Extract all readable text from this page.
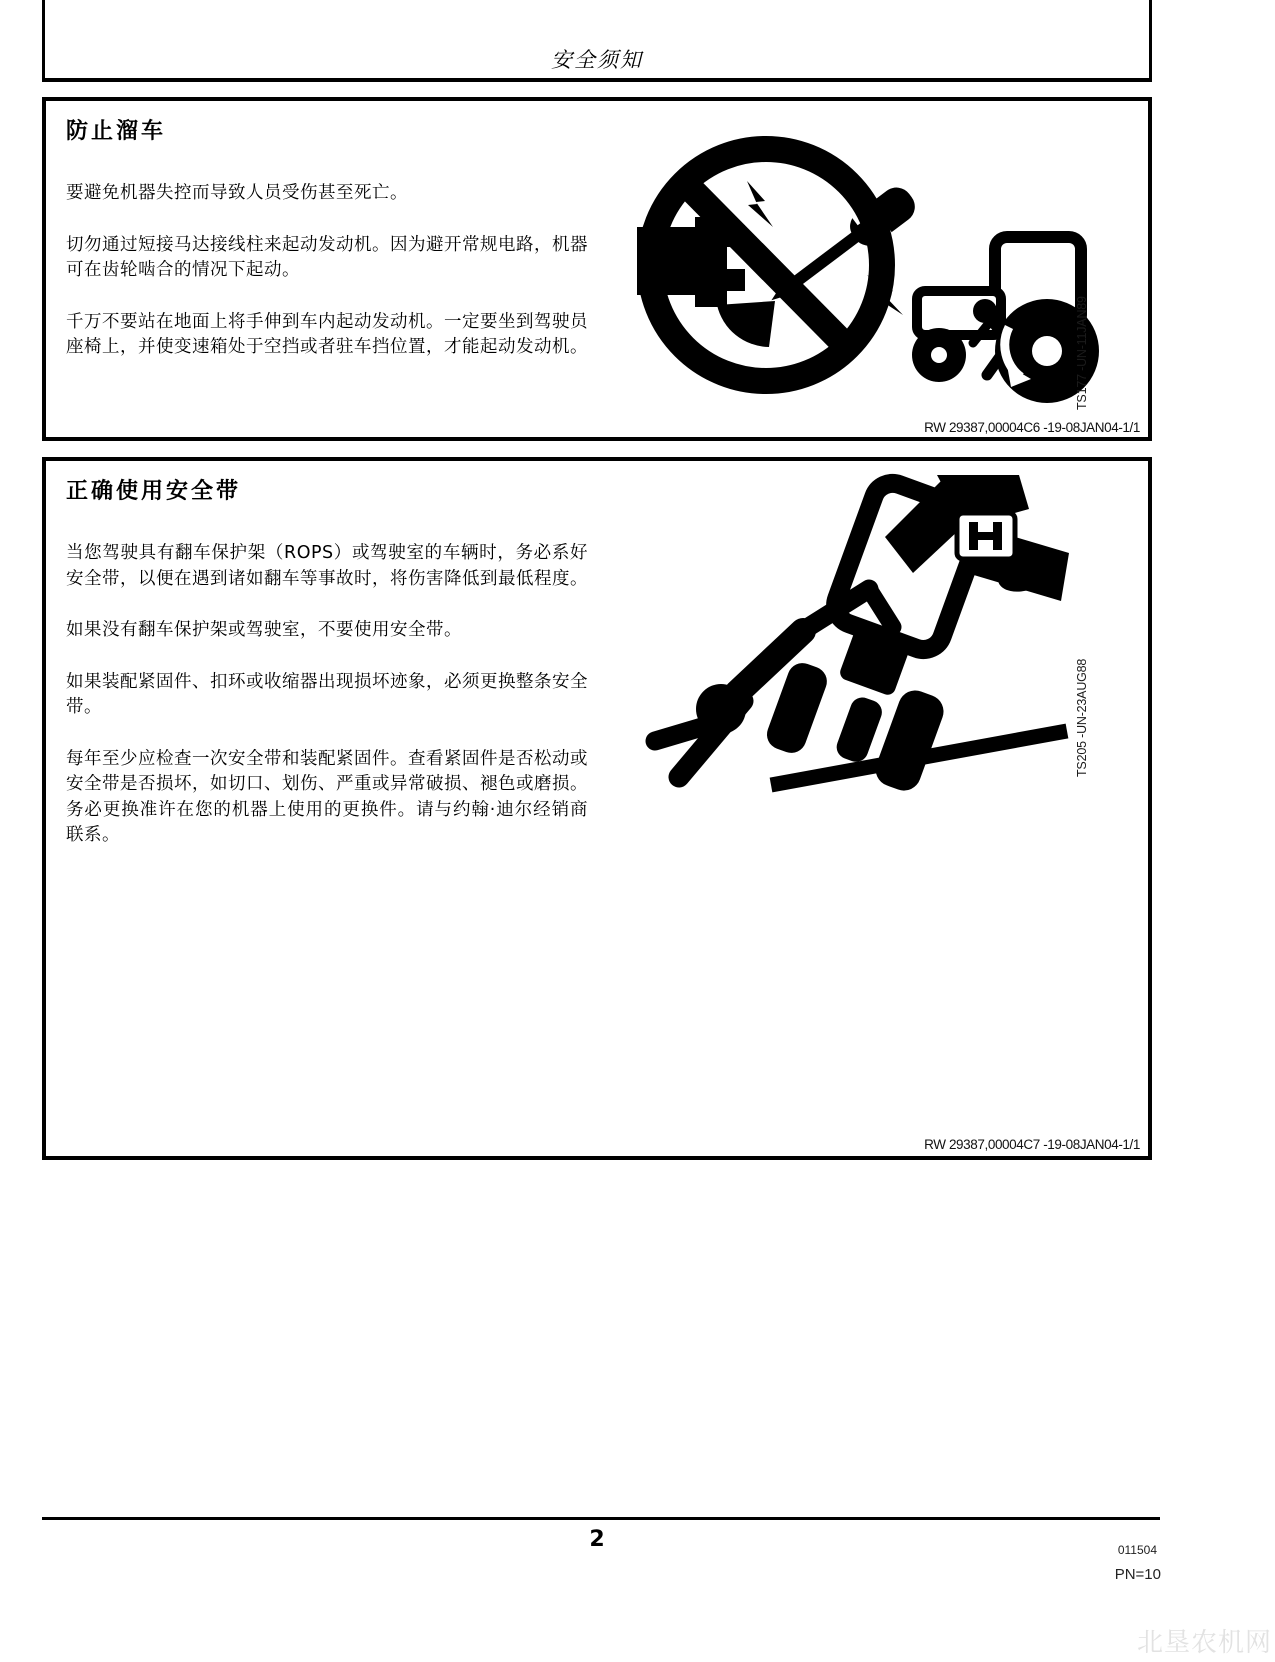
安全须知
防止溜车

要避免机器失控而导致人员受伤甚至死亡。

切勿通过短接马达接线柱来起动发动机。因为避开常规电路，机器可在齿轮啮合的情况下起动。

千万不要站在地面上将手伸到车内起动发动机。一定要坐到驾驶员座椅上，并使变速箱处于空挡或者驻车挡位置，才能起动发动机。	TS177 -UN-11JAN89
RW 29387,00004C6 -19-08JAN04-1/1
正确使用安全带

当您驾驶具有翻车保护架（ROPS）或驾驶室的车辆时，务必系好安全带，以便在遇到诸如翻车等事故时，将伤害降低到最低程度。

如果没有翻车保护架或驾驶室，不要使用安全带。

如果装配紧固件、扣环或收缩器出现损坏迹象，必须更换整条安全带。

每年至少应检查一次安全带和装配紧固件。查看紧固件是否松动或安全带是否损坏，如切口、划伤、严重或异常破损、褪色或磨损。务必更换准许在您的机器上使用的更换件。请与约翰·迪尔经销商联系。

TS205 -UN-23AUG88
RW 29387,00004C7 -19-08JAN04-1/1
2	011504
PN=10
北垦农机网
